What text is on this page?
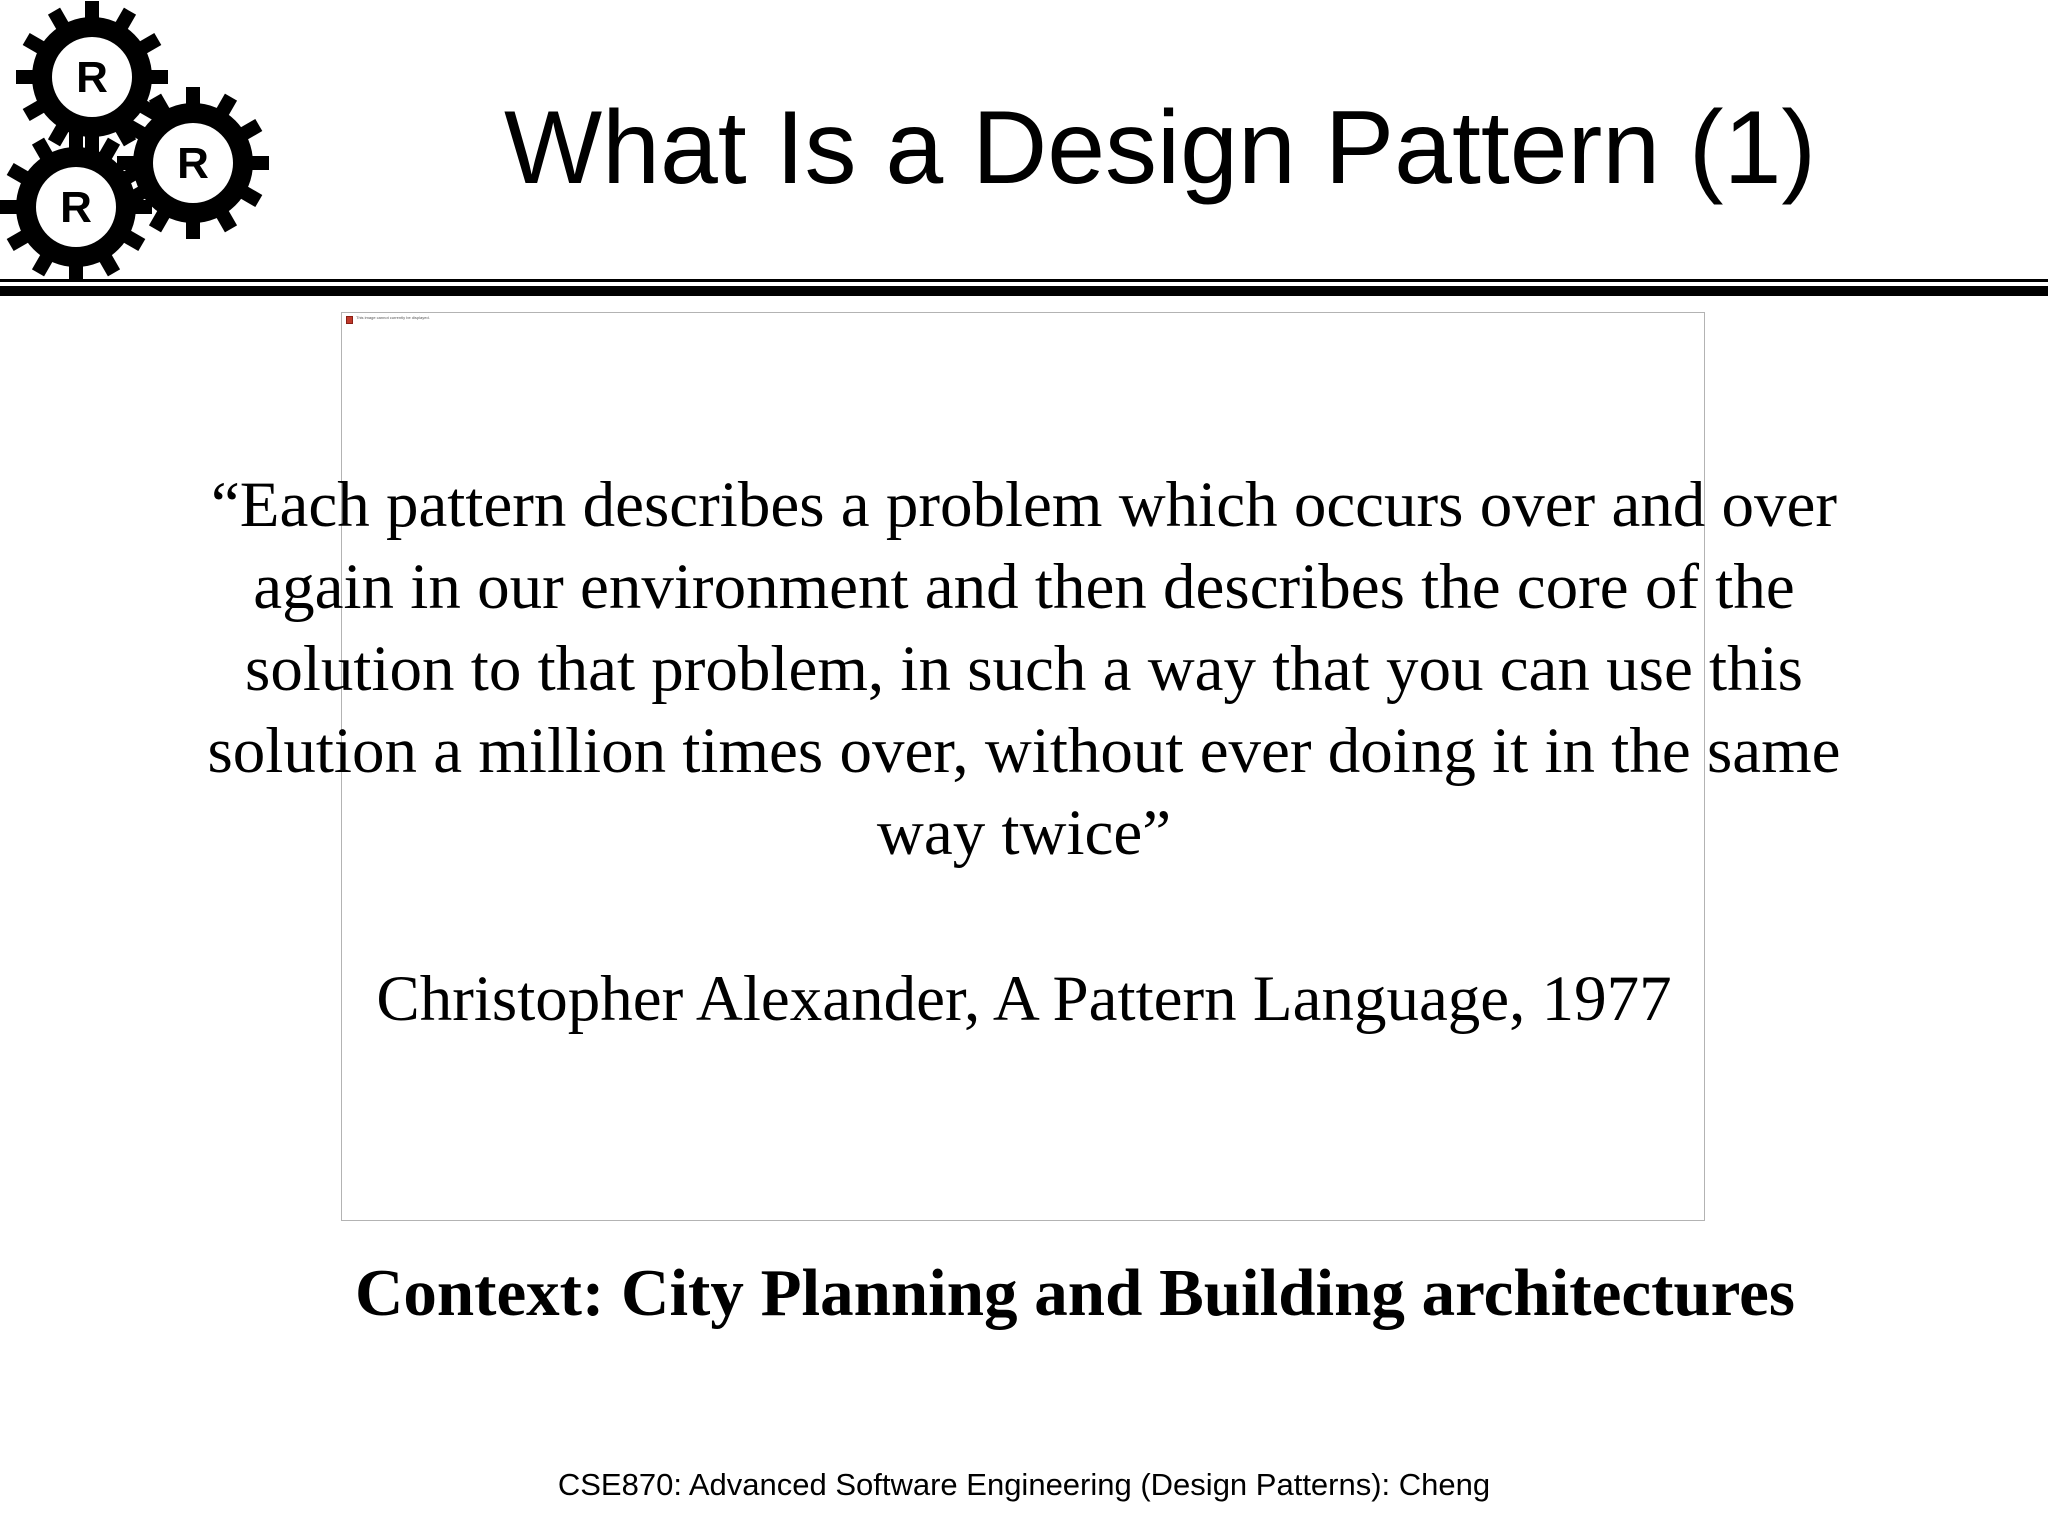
R
R
R
What Is a Design Pattern (1)
This image cannot currently be displayed.
“Each pattern describes a problem which occurs over and over
again in our environment and then describes the core of the
solution to that problem, in such a way that you can use this
solution a million times over, without ever doing it in the same
way twice”
Christopher Alexander, A Pattern Language, 1977
Context: City Planning and Building architectures
CSE870: Advanced Software Engineering (Design Patterns): Cheng
